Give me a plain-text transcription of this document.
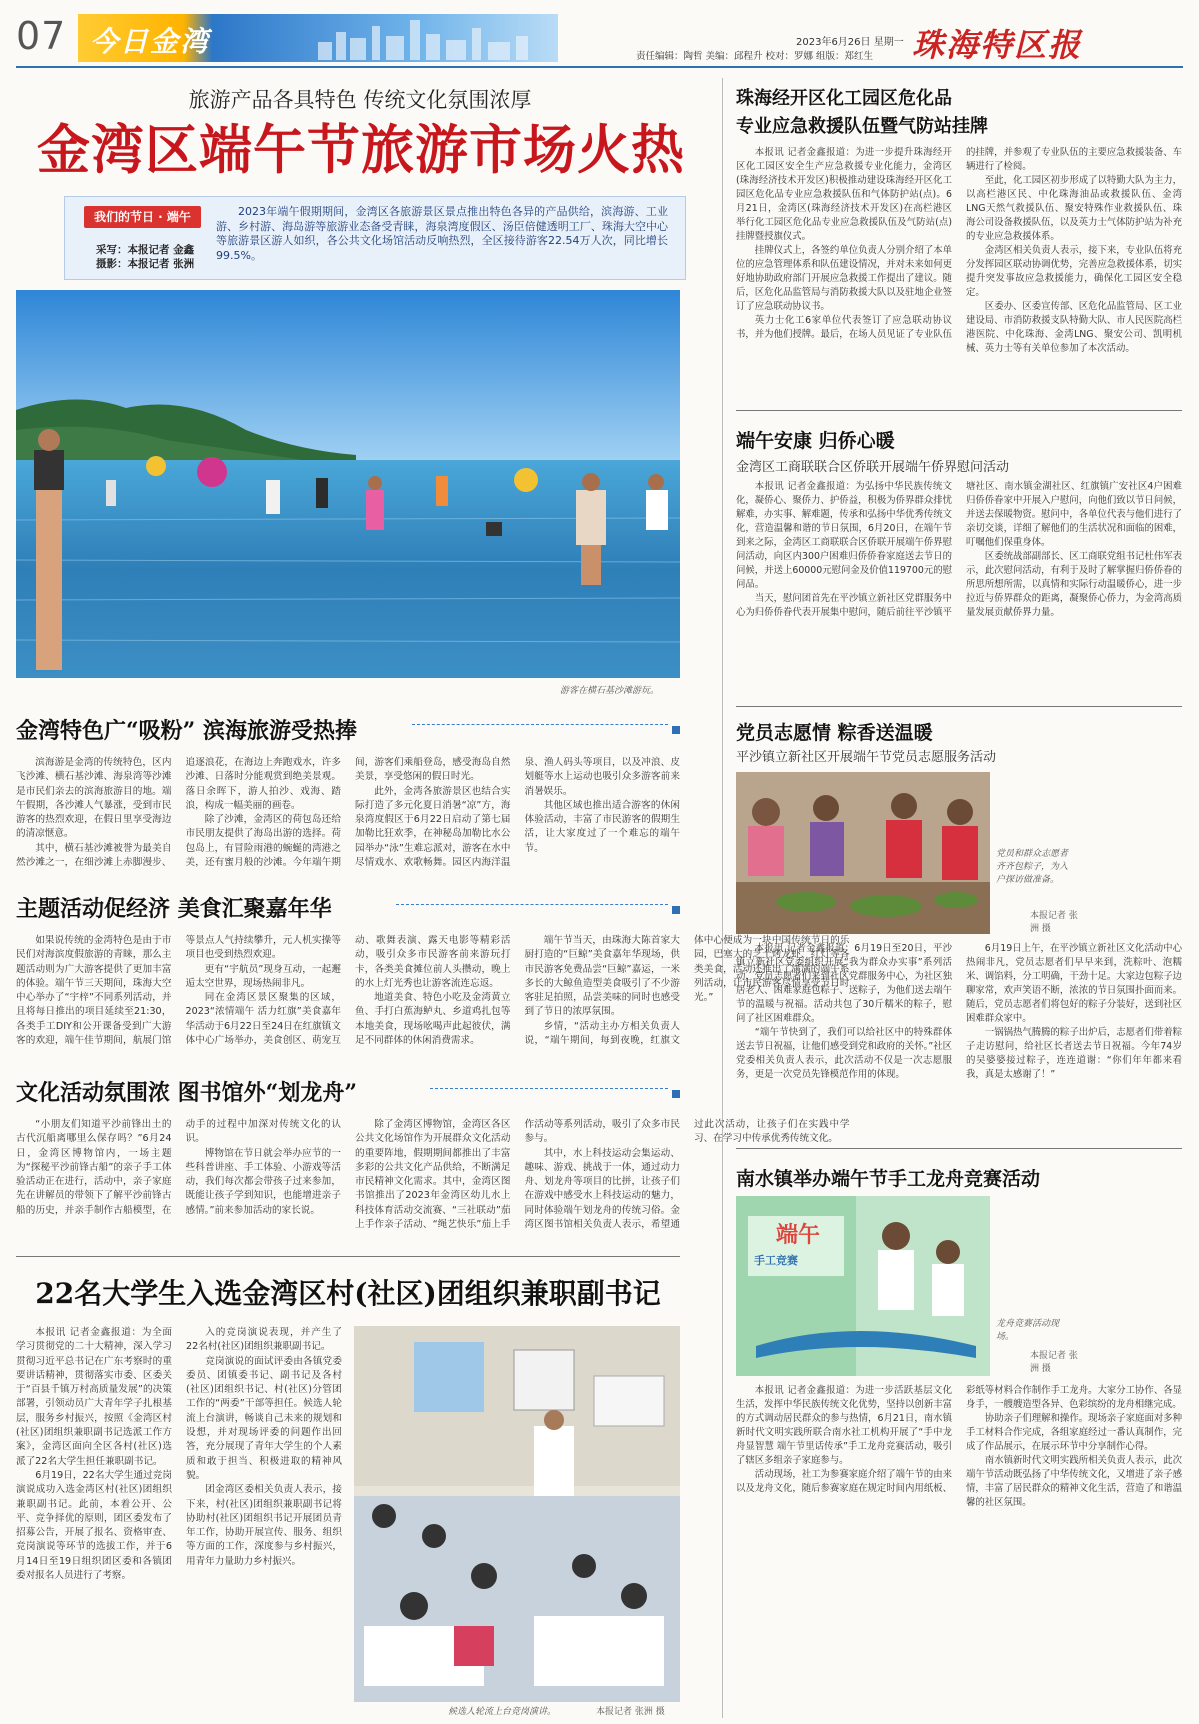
07 今日金湾	2023年6月26日 星期一
责任编辑：陶哲 美编：邱程升 校对：罗娜 组版：郑红生 珠海特区报
旅游产品各具特色 传统文化氛围浓厚
金湾区端午节旅游市场火热
我们的节日 · 端午
采写：本报记者 金鑫
摄影：本报记者 张洲
2023年端午假期期间，金湾区各旅游景区景点推出特色各异的产品供给，滨海游、工业游、乡村游、海岛游等旅游业态备受青睐，海泉湾度假区、汤臣倍健透明工厂、珠海大空中心等旅游景区游人如织，各公共文化场馆活动反响热烈，全区接待游客22.54万人次，同比增长99.5%。
游客在横石基沙滩游玩。
金湾特色广“吸粉” 滨海旅游受热捧

滨海游是金湾的传统特色，区内飞沙滩、横石基沙滩、海泉湾等沙滩是市民们亲去的滨海旅游目的地。端午假期，各沙滩人气暴涨，受到市民游客的热烈欢迎，在假日里享受海边的清凉惬意。

其中，横石基沙滩被誉为最美自然沙滩之一，在细沙滩上赤脚漫步、追逐浪花，在海边上奔跑戏水，许多沙滩、日落时分能观赏到绝美景观。落日余晖下，游人拍沙、戏海、踏浪，构成一幅美丽的画卷。

除了沙滩，金湾区的荷包岛还给市民朋友提供了海岛出游的选择。荷包岛上，有冒险雨港的蜿蜒的湾港之美，还有蜜月般的沙滩。今年端午期间，游客们乘船登岛，感受海岛自然美景，享受悠闲的假日时光。

此外，金湾各旅游景区也结合实际打造了多元化夏日消暑“凉”方，海泉湾度假区于6月22日启动了第七届加勒比狂欢季，在神秘岛加勒比水公园举办“泳”生难忘派对，游客在水中尽情戏水、欢歌畅舞。园区内海洋温泉、渔人码头等项目，以及冲浪、皮划艇等水上运动也吸引众多游客前来消暑娱乐。

其他区域也推出适合游客的休闲体验活动，丰富了市民游客的假期生活，让大家度过了一个难忘的端午节。

主题活动促经济 美食汇聚嘉年华

如果说传统的金湾特色是由于市民们对海滨度假旅游的青睐，那么主题活动则为广大游客提供了更加丰富的体验。端午节三天期间，珠海大空中心举办了“宇梓”不同系列活动，并且将每日推出的项目延续至21:30，各类手工DIY和公开课备受到广大游客的欢迎，端午佳节期间，航展门馆等景点人气持续攀升，元人机实操等项目也受到热烈欢迎。

更有“宇航员”现身互动，一起邂逅太空世界，现场热闹非凡。

同在金湾区景区聚集的区域，2023“浓情端午 活力红旗”美食嘉年华活动于6月22日至24日在红旗镇文体中心广场举办，美食创区、萌宠互动、歌舞表演、露天电影等精彩活动，吸引众多市民游客前来游玩打卡，各类美食摊位前人头攒动，晚上的水上灯光秀也让游客流连忘返。

地道美食、特色小吃及金湾黄立鱼、手打白蕉海鲈丸、乡道鸡扎包等本地美食，现场吆喝声此起彼伏，满足不同群体的休闲消费需求。

端午节当天，由珠海大陈首家大厨打造的“巨鲸”美食嘉年华现场，供市民游客免费品尝“巨鲸”嘉运，一米多长的大鲸鱼造型美食吸引了不少游客驻足拍照，品尝美味的同时也感受到了节日的浓厚氛围。

乡情，“活动主办方相关负责人说，“端午期间，每到夜晚，红旗文体中心便成为一块中国传统节日的乐园，巴塞大的芝士烤龙虾、红灯等各类美食，活动还推出了满满的端午系列活动，让市民游客尽情享受节日时光。”

文化活动氛围浓 图书馆外“划龙舟”

“小朋友们知道平沙前锋出土的古代沉船离哪里么保存吗？”6月24日，金湾区博物馆内，一场主题为“探秘平沙前锋古船”的亲子手工体验活动正在进行，活动中，亲子家庭先在讲解员的带领下了解平沙前锋古船的历史，并亲手制作古船模型，在动手的过程中加深对传统文化的认识。

博物馆在节日就会举办应节的一些科普讲座、手工体验、小游戏等活动，我们每次都会带孩子过来参加，既能让孩子学到知识，也能增进亲子感情。”前来参加活动的家长说。

除了金湾区博物馆，金湾区各区公共文化场馆作为开展群众文化活动的重要阵地，假期期间都推出了丰富多彩的公共文化产品供给，不断满足市民精神文化需求。其中，金湾区图书馆推出了2023年金湾区幼儿水上科技体育活动交流赛、“三社联动”茄上手作亲子活动、“绳艺快乐”茄上手作活动等系列活动，吸引了众多市民参与。

其中，水上科技运动会集运动、趣味、游戏、挑战于一体，通过动力舟、划龙舟等项目的比拼，让孩子们在游戏中感受水上科技运动的魅力，同时体验端午划龙舟的传统习俗。金湾区图书馆相关负责人表示，希望通过此次活动，让孩子们在实践中学习、在学习中传承优秀传统文化。

22名大学生入选金湾区村(社区)团组织兼职副书记

本报讯 记者金鑫报道：为全面学习贯彻党的二十大精神，深入学习贯彻习近平总书记在广东考察时的重要讲话精神，贯彻落实市委、区委关于“百县千镇万村高质量发展”的决策部署，引领动员广大青年学子扎根基层，服务乡村振兴，按照《金湾区村(社区)团组织兼职副书记选派工作方案》，金湾区面向全区各村(社区)选派了22名大学生担任兼职副书记。

6月19日，22名大学生通过竞岗演说成功入选金湾区村(社区)团组织兼职副书记。此前，本着公开、公平、竞争择优的原则，团区委发布了招募公告，开展了报名、资格审查、竞岗演说等环节的选拔工作，并于6月14日至19日组织团区委和各镇团委对报名人员进行了考察。

入的竞岗演说表现，并产生了22名村(社区)团组织兼职副书记。

竞岗演说的面试评委由各镇党委委员、团镇委书记、副书记及各村(社区)团组织书记、村(社区)分管团工作的“两委”干部等担任。候选人轮流上台演讲，畅谈自己未来的规划和设想，并对现场评委的问题作出回答，充分展现了青年大学生的个人素质和敢于担当、积极进取的精神风貌。

团金湾区委相关负责人表示，接下来，村(社区)团组织兼职副书记将协助村(社区)团组织书记开展团员青年工作，协助开展宣传、服务、组织等方面的工作，深度参与乡村振兴，用青年力量助力乡村振兴。

候选人轮流上台竞岗演讲。	本报记者 张洲 摄
珠海经开区化工园区危化品
专业应急救援队伍暨气防站挂牌

本报讯 记者金鑫报道：为进一步提升珠海经开区化工园区安全生产应急救援专业化能力，金湾区(珠海经济技术开发区)积极推动建设珠海经开区化工园区危化品专业应急救援队伍和气体防护站(点)。6月21日，金湾区(珠海经济技术开发区)在高栏港区举行化工园区危化品专业应急救援队伍及气防站(点)挂牌暨授旗仪式。

挂牌仪式上，各签约单位负责人分别介绍了本单位的应急管理体系和队伍建设情况，并对未来如何更好地协助政府部门开展应急救援工作提出了建议。随后，区危化品监管局与消防救援大队以及驻地企业签订了应急联动协议书。

英力士化工6家单位代表签订了应急联动协议书，并为他们授牌。最后，在场人员见证了专业队伍的挂牌，并参观了专业队伍的主要应急救援装备、车辆进行了检阅。

至此，化工园区初步形成了以特勤大队为主力，以高栏港区民、中化珠海油品或救援队伍、金湾LNG天然气救援队伍、聚安特殊作业救援队伍、珠海公司设备救援队伍，以及英力士气体防护站为补充的专业应急救援体系。

金湾区相关负责人表示，接下来，专业队伍将充分发挥园区联动协调优势，完善应急救援体系，切实提升突发事故应急救援能力，确保化工园区安全稳定。

区委办、区委宣传部、区危化品监管局、区工业建设局、市消防救援支队特勤大队、市人民医院高栏港医院、中化珠海、金湾LNG、聚安公司、凯明机械、英力士等有关单位参加了本次活动。

端午安康 归侨心暖
金湾区工商联联合区侨联开展端午侨界慰问活动

本报讯 记者金鑫报道：为弘扬中华民族传统文化，凝侨心、聚侨力、护侨益，积极为侨界群众排忧解难，办实事、解难题，传承和弘扬中华优秀传统文化，营造温馨和谐的节日氛围，6月20日，在端午节到来之际，金湾区工商联联合区侨联开展端午侨界慰问活动，向区内300户困难归侨侨眷家庭送去节日的问候，并送上60000元慰问金及价值119700元的慰问品。

当天，慰问团首先在平沙镇立新社区党群服务中心为归侨侨眷代表开展集中慰问，随后前往平沙镇平塘社区、南水镇金湖社区、红旗镇广安社区4户困难归侨侨眷家中开展入户慰问，向他们致以节日问候，并送去保暖物资。慰问中，各单位代表与他们进行了亲切交谈，详细了解他们的生活状况和面临的困难，叮嘱他们保重身体。

区委统战部副部长、区工商联党组书记杜伟军表示，此次慰问活动，有利于及时了解掌握归侨侨眷的所思所想所需，以真情和实际行动温暖侨心，进一步拉近与侨界群众的距离，凝聚侨心侨力，为金湾高质量发展贡献侨界力量。

党员志愿情 粽香送温暖
平沙镇立新社区开展端午节党员志愿服务活动
党员和群众志愿者齐齐包粽子，为入户探访做准备。
本报记者 张洲 摄

本报讯 记者金鑫报道：6月19日至20日，平沙镇立新社区党委组织开展“我为群众办实事”系列活动，党员志愿者们来到社区党群服务中心，为社区独居老人、困难家庭包粽子、送粽子，为他们送去端午节的温暖与祝福。活动共包了30斤糯米的粽子，慰问了社区困难群众。

“端午节快到了，我们可以给社区中的特殊群体送去节日祝福，让他们感受到党和政府的关怀。”社区党委相关负责人表示，此次活动不仅是一次志愿服务，更是一次党员先锋模范作用的体现。

6月19日上午，在平沙镇立新社区文化活动中心热闹非凡，党员志愿者们早早来到，洗粽叶、泡糯米、调馅料，分工明确，干劲十足。大家边包粽子边聊家常，欢声笑语不断，浓浓的节日氛围扑面而来。随后，党员志愿者们将包好的粽子分装好，送到社区困难群众家中。

一锅锅热气腾腾的粽子出炉后，志愿者们带着粽子走访慰问，给社区长者送去节日祝福。今年74岁的吴婆婆接过粽子，连连道谢：“你们年年都来看我，真是太感谢了！”

南水镇举办端午节手工龙舟竞赛活动
端午
手工竞赛
龙舟竞赛活动现场。
本报记者 张洲 摄

本报讯 记者金鑫报道：为进一步活跃基层文化生活，发挥中华民族传统文化优势，坚持以创新丰富的方式调动居民群众的参与热情，6月21日，南水镇新时代文明实践所联合南水社工机构开展了“手中龙舟显智慧 端午节里话传承”手工龙舟竞赛活动，吸引了辖区多组亲子家庭参与。

活动现场，社工为参赛家庭介绍了端午节的由来以及龙舟文化，随后参赛家庭在规定时间内用纸板、彩纸等材料合作制作手工龙舟。大家分工协作、各显身手，一艘艘造型各异、色彩缤纷的龙舟相继完成。

协助亲子们理解和操作。现场亲子家庭面对多种手工材料合作完成，各组家庭经过一番认真制作，完成了作品展示，在展示环节中分享制作心得。

南水镇新时代文明实践所相关负责人表示，此次端午节活动既弘扬了中华传统文化，又增进了亲子感情，丰富了居民群众的精神文化生活，营造了和谐温馨的社区氛围。
